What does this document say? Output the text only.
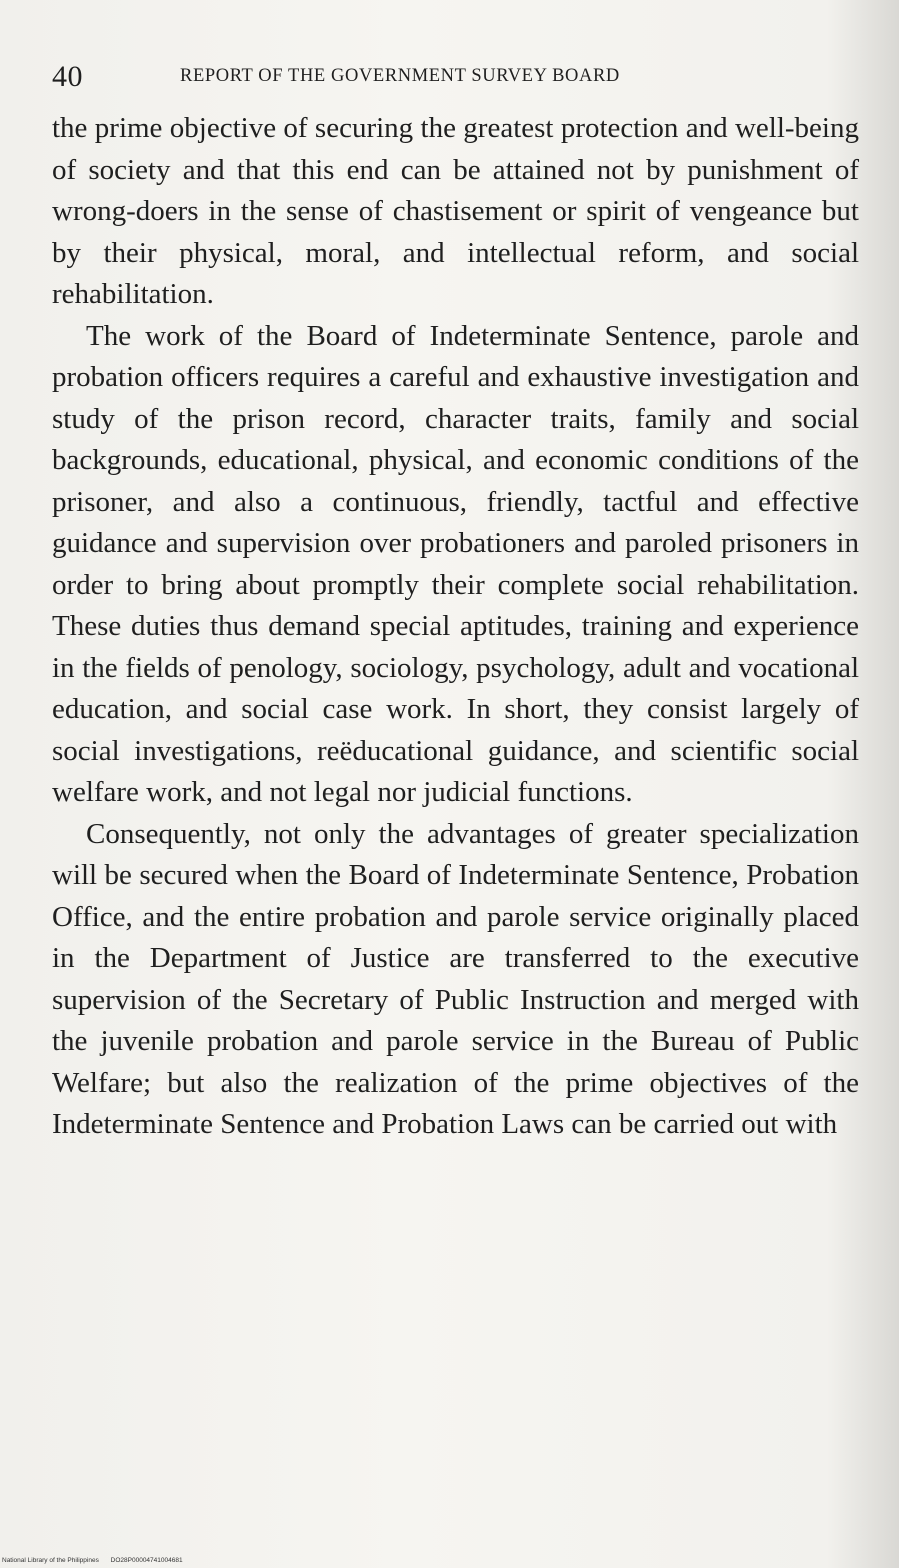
40	REPORT OF THE GOVERNMENT SURVEY BOARD

the prime objective of securing the greatest protection and well-being of society and that this end can be attained not by punishment of wrong-doers in the sense of chastisement or spirit of vengeance but by their physical, moral, and intellectual reform, and social rehabilitation.

The work of the Board of Indeterminate Sentence, parole and probation officers requires a careful and exhaustive investigation and study of the prison record, character traits, family and social backgrounds, educational, physical, and economic conditions of the prisoner, and also a continuous, friendly, tactful and effective guidance and supervision over probationers and paroled prisoners in order to bring about promptly their complete social rehabilitation. These duties thus demand special aptitudes, training and experience in the fields of penology, sociology, psychology, adult and vocational education, and social case work. In short, they consist largely of social investigations, reëducational guidance, and scientific social welfare work, and not legal nor judicial functions.

Consequently, not only the advantages of greater specialization will be secured when the Board of Indeterminate Sentence, Probation Office, and the entire probation and parole service originally placed in the Department of Justice are transferred to the executive supervision of the Secretary of Public Instruction and merged with the juvenile probation and parole service in the Bureau of Public Welfare; but also the realization of the prime objectives of the Indeterminate Sentence and Probation Laws can be carried out with

National Library of the Philippines DO28P00004741004681
